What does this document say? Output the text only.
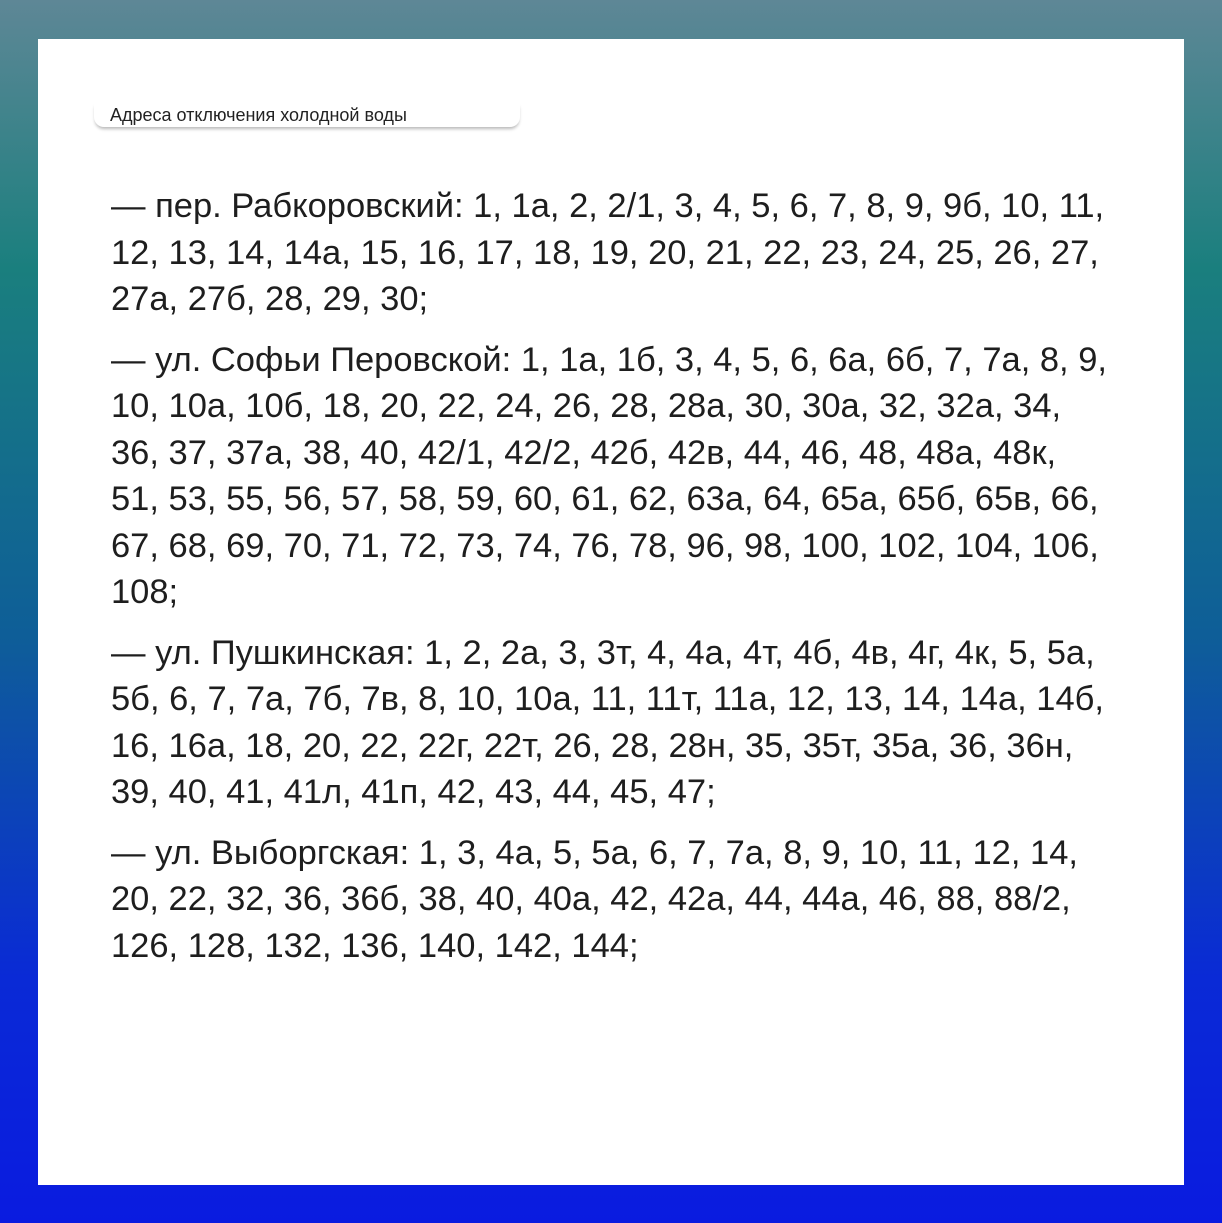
Адреса отключения холодной воды

— пер. Рабкоровский: 1, 1а, 2, 2/1, 3, 4, 5, 6, 7, 8, 9, 9б, 10, 11, 12, 13, 14, 14а, 15, 16, 17, 18, 19, 20, 21, 22, 23, 24, 25, 26, 27, 27а, 27б, 28, 29, 30;

— ул. Софьи Перовской: 1, 1а, 1б, 3, 4, 5, 6, 6а, 6б, 7, 7а, 8, 9, 10, 10а, 10б, 18, 20, 22, 24, 26, 28, 28а, 30, 30а, 32, 32а, 34, 36, 37, 37а, 38, 40, 42/1, 42/2, 42б, 42в, 44, 46, 48, 48а, 48к, 51, 53, 55, 56, 57, 58, 59, 60, 61, 62, 63а, 64, 65а, 65б, 65в, 66, 67, 68, 69, 70, 71, 72, 73, 74, 76, 78, 96, 98, 100, 102, 104, 106, 108;

— ул. Пушкинская: 1, 2, 2а, 3, 3т, 4, 4а, 4т, 4б, 4в, 4г, 4к, 5, 5а, 5б, 6, 7, 7а, 7б, 7в, 8, 10, 10а, 11, 11т, 11а, 12, 13, 14, 14а, 14б, 16, 16а, 18, 20, 22, 22г, 22т, 26, 28, 28н, 35, 35т, 35а, 36, 36н, 39, 40, 41, 41л, 41п, 42, 43, 44, 45, 47;

— ул. Выборгская: 1, 3, 4а, 5, 5а, 6, 7, 7а, 8, 9, 10, 11, 12, 14, 20, 22, 32, 36, 36б, 38, 40, 40а, 42, 42а, 44, 44а, 46, 88, 88/2, 126, 128, 132, 136, 140, 142, 144;
